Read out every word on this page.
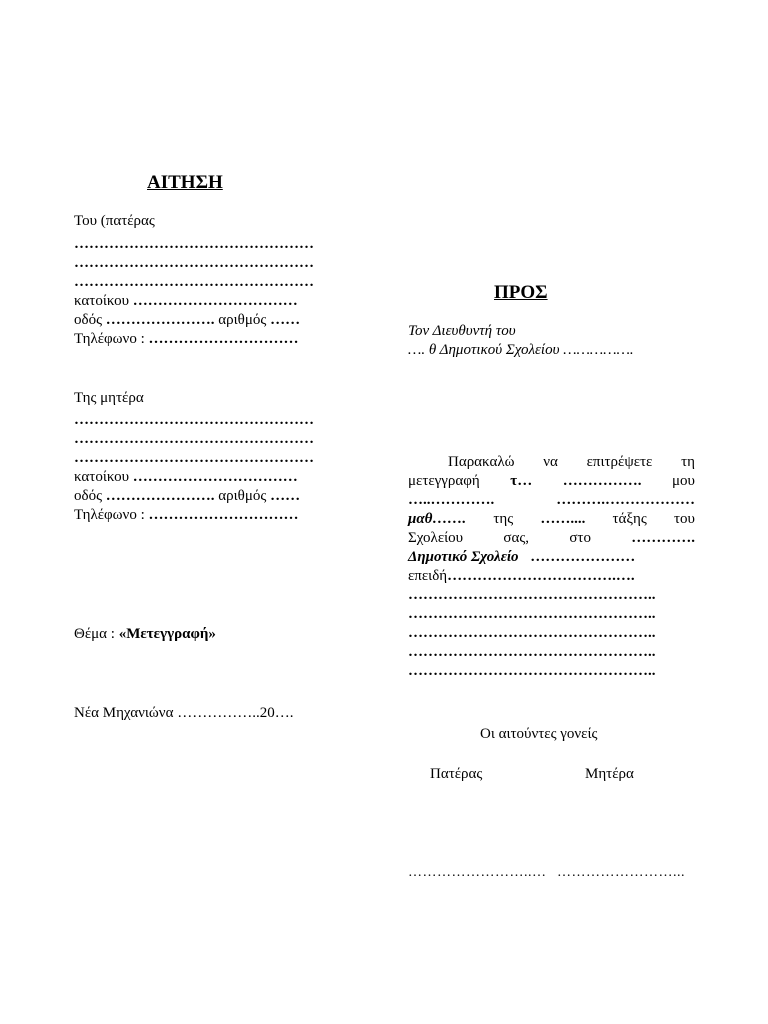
ΑΙΤΗΣΗ
Του (πατέρας
…………………………………………
…………………………………………
…………………………………………
κατοίκου ……………………………
οδός …………………. αριθμός ……
Τηλέφωνο : …………………………
Της μητέρα
…………………………………………
…………………………………………
…………………………………………
κατοίκου ……………………………
οδός …………………. αριθμός ……
Τηλέφωνο : …………………………
Θέμα : «Μετεγγραφή»
Νέα Μηχανιώνα ……………..20….
ΠΡΟΣ
Τον Διευθυντή του
…. θ Δημοτικού Σχολείου …………….
Παρακαλώ να επιτρέψετε τη
μετεγγραφή τ… ……………. μου
…..………….	……….………………
μαθ……. της …….... τάξης του
Σχολείου	σας,	στο	………….
Δημοτικό Σχολείο …………………
επειδή…………………………….….
…………………………………………..
…………………………………………..
…………………………………………..
…………………………………………..
…………………………………………..
Οι αιτούντες γονείς
Πατέρας	Μητέρα
……………………..… ……………………...
